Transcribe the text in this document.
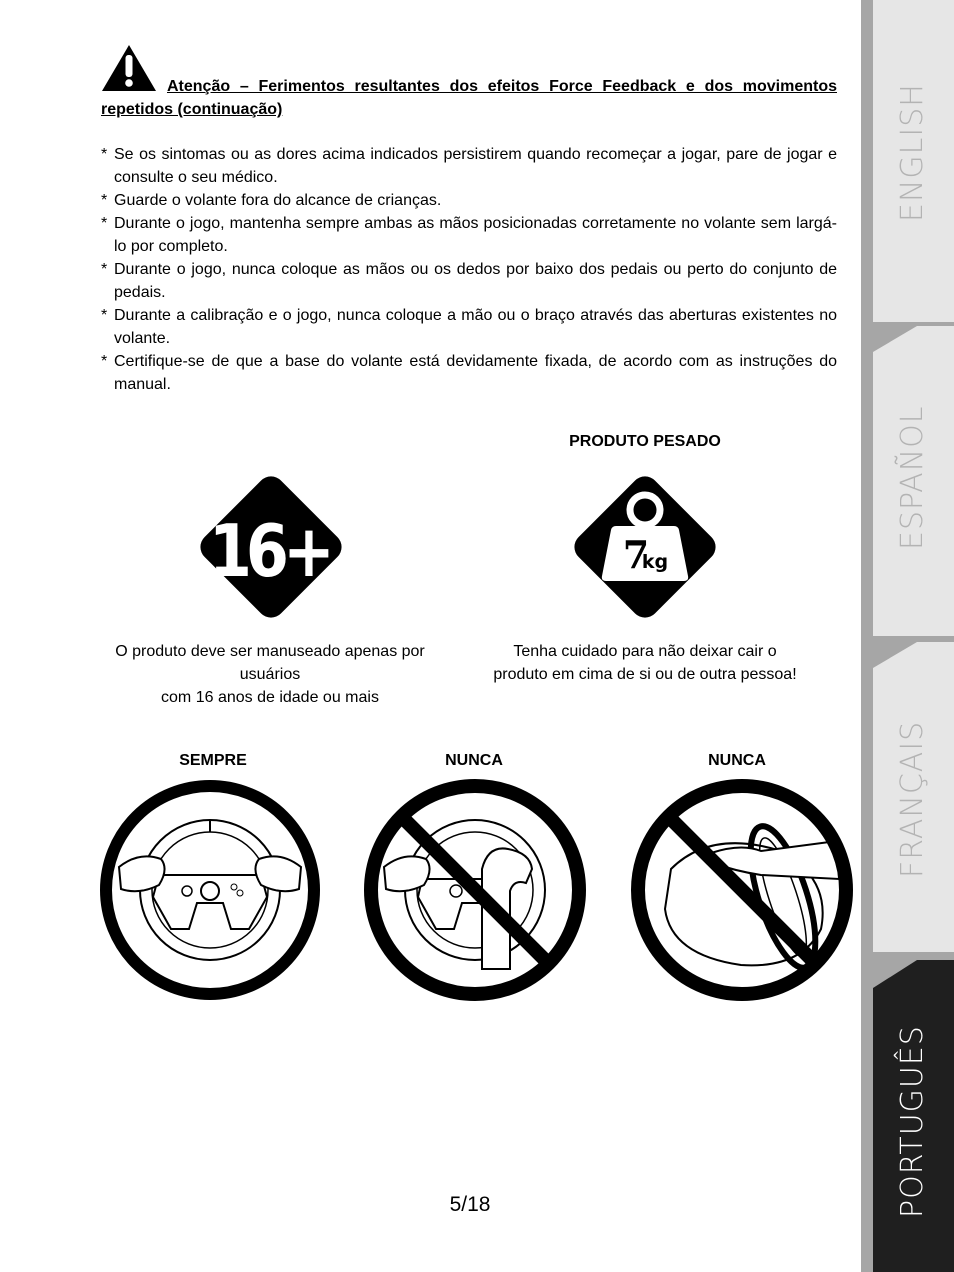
Atenção – Ferimentos resultantes dos efeitos Force Feedback e dos movimentos repetidos (continuação)
* Se os sintomas ou as dores acima indicados persistirem quando recomeçar a jogar, pare de jogar e consulte o seu médico.
* Guarde o volante fora do alcance de crianças.
* Durante o jogo, mantenha sempre ambas as mãos posicionadas corretamente no volante sem largá-lo por completo.
* Durante o jogo, nunca coloque as mãos ou os dedos por baixo dos pedais ou perto do conjunto de pedais.
* Durante a calibração e o jogo, nunca coloque a mão ou o braço através das aberturas existentes no volante.
* Certifique-se de que a base do volante está devidamente fixada, de acordo com as instruções do manual.
PRODUTO PESADO
16+	7
kg
O produto deve ser manuseado apenas por
usuários
com 16 anos de idade ou mais
Tenha cuidado para não deixar cair o
produto em cima de si ou de outra pessoa!
SEMPRE	NUNCA	NUNCA
5/18
ENGLISH
ESPAÑOL
FRANÇAIS
PORTUGUÊS
